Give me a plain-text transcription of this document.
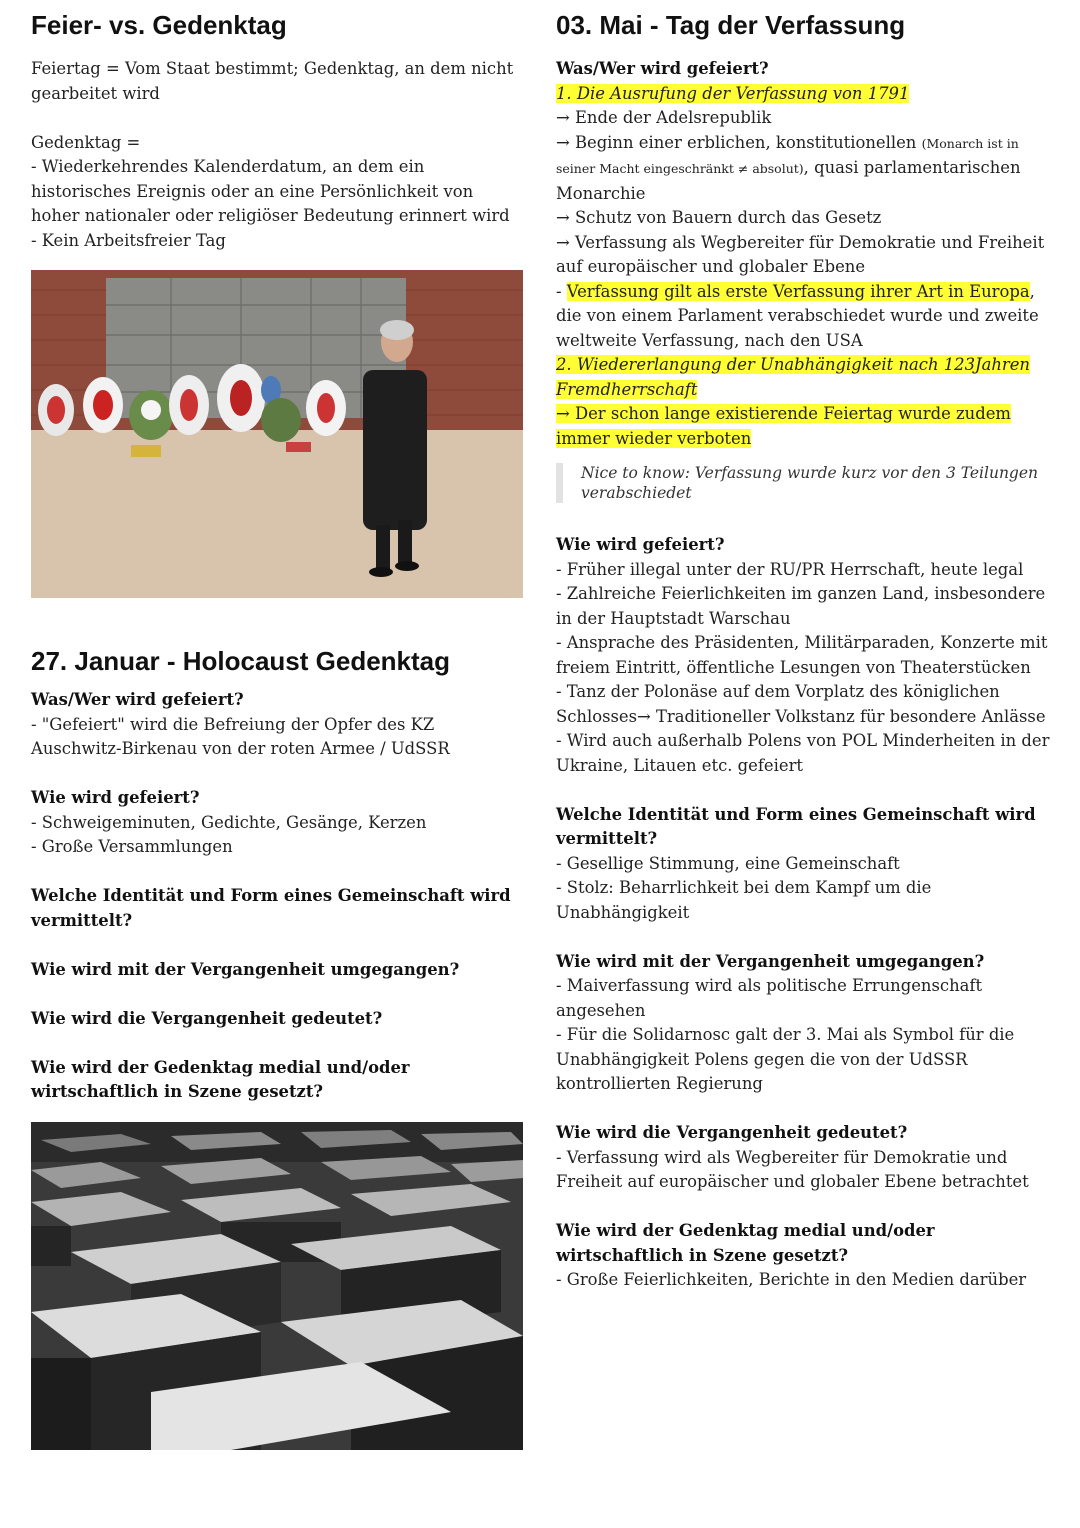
Feier- vs. Gedenktag

Feiertag = Vom Staat bestimmt; Gedenktag, an dem nicht gearbeitet wird

Gedenktag =

- Wiederkehrendes Kalenderdatum, an dem ein historisches Ereignis oder an eine Persönlichkeit von hoher nationaler oder religiöser Bedeutung erinnert wird

- Kein Arbeitsfreier Tag

27. Januar - Holocaust Gedenktag

Was/Wer wird gefeiert?

- "Gefeiert" wird die Befreiung der Opfer des KZ Auschwitz-Birkenau von der roten Armee / UdSSR

Wie wird gefeiert?

- Schweigeminuten, Gedichte, Gesänge, Kerzen

- Große Versammlungen

Welche Identität und Form eines Gemeinschaft wird vermittelt?

Wie wird mit der Vergangenheit umgegangen?

Wie wird die Vergangenheit gedeutet?

Wie wird der Gedenktag medial und/oder wirtschaftlich in Szene gesetzt?

03. Mai - Tag der Verfassung

Was/Wer wird gefeiert?

1. Die Ausrufung der Verfassung von 1791

→ Ende der Adelsrepublik

→ Beginn einer erblichen, konstitutionellen (Monarch ist in seiner Macht eingeschränkt ≠ absolut), quasi parlamentarischen Monarchie

→ Schutz von Bauern durch das Gesetz

→ Verfassung als Wegbereiter für Demokratie und Freiheit auf europäischer und globaler Ebene

- Verfassung gilt als erste Verfassung ihrer Art in Europa, die von einem Parlament verabschiedet wurde und zweite weltweite Verfassung, nach den USA

2. Wiedererlangung der Unabhängigkeit nach 123Jahren Fremdherrschaft

→ Der schon lange existierende Feiertag wurde zudem immer wieder verboten

Nice to know: Verfassung wurde kurz vor den 3 Teilungen verabschiedet

Wie wird gefeiert?

- Früher illegal unter der RU/PR Herrschaft, heute legal

- Zahlreiche Feierlichkeiten im ganzen Land, insbesondere in der Hauptstadt Warschau

- Ansprache des Präsidenten, Militärparaden, Konzerte mit freiem Eintritt, öffentliche Lesungen von Theaterstücken

- Tanz der Polonäse auf dem Vorplatz des königlichen Schlosses→ Traditioneller Volkstanz für besondere Anlässe

- Wird auch außerhalb Polens von POL Minderheiten in der Ukraine, Litauen etc. gefeiert

Welche Identität und Form eines Gemeinschaft wird vermittelt?

- Gesellige Stimmung, eine Gemeinschaft

- Stolz: Beharrlichkeit bei dem Kampf um die Unabhängigkeit

Wie wird mit der Vergangenheit umgegangen?

- Maiverfassung wird als politische Errungenschaft angesehen

- Für die Solidarnosc galt der 3. Mai als Symbol für die Unabhängigkeit Polens gegen die von der UdSSR kontrollierten Regierung

Wie wird die Vergangenheit gedeutet?

- Verfassung wird als Wegbereiter für Demokratie und Freiheit auf europäischer und globaler Ebene betrachtet

Wie wird der Gedenktag medial und/oder wirtschaftlich in Szene gesetzt?

- Große Feierlichkeiten, Berichte in den Medien darüber
